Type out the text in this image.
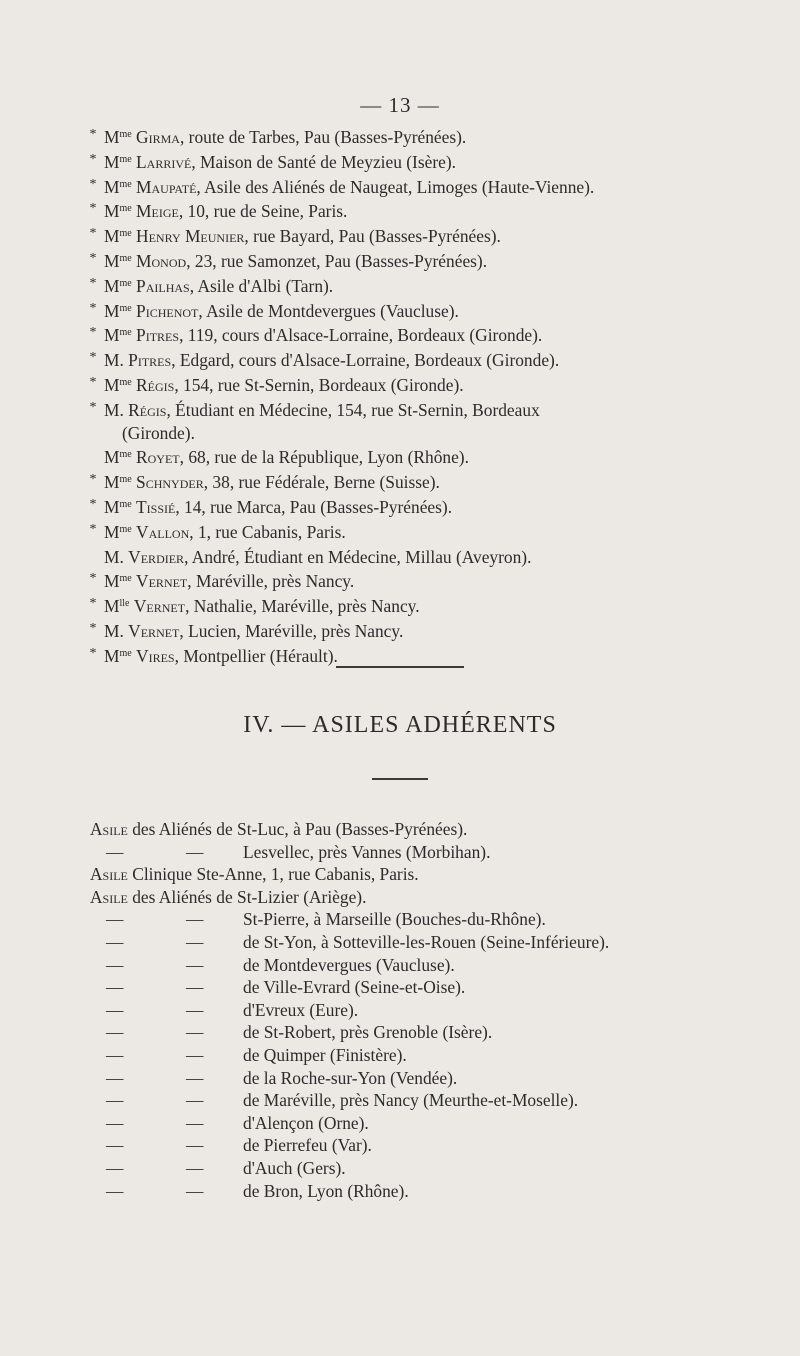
— 13 —
* $M^{me}$ Girma, route de Tarbes, Pau (Basses-Pyrénées).
* $M^{me}$ Larrivé, Maison de Santé de Meyzieu (Isère).
* $M^{me}$ Maupaté, Asile des Aliénés de Naugeat, Limoges (Haute-Vienne).
* $M^{me}$ Meige, 10, rue de Seine, Paris.
* $M^{me}$ Henry Meunier, rue Bayard, Pau (Basses-Pyrénées).
* $M^{me}$ Monod, 23, rue Samonzet, Pau (Basses-Pyrénées).
* $M^{me}$ Pailhas, Asile d'Albi (Tarn).
* $M^{me}$ Pichenot, Asile de Montdevergues (Vaucluse).
* $M^{me}$ Pitres, 119, cours d'Alsace-Lorraine, Bordeaux (Gironde).
* M. Pitres, Edgard, cours d'Alsace-Lorraine, Bordeaux (Gironde).
* $M^{me}$ Régis, 154, rue St-Sernin, Bordeaux (Gironde).
* M. Régis, Étudiant en Médecine, 154, rue St-Sernin, Bordeaux
(Gironde).
$M^{me}$ Royet, 68, rue de la République, Lyon (Rhône).
* $M^{me}$ Schnyder, 38, rue Fédérale, Berne (Suisse).
* $M^{me}$ Tissié, 14, rue Marca, Pau (Basses-Pyrénées).
* $M^{me}$ Vallon, 1, rue Cabanis, Paris.
M. Verdier, André, Étudiant en Médecine, Millau (Aveyron).
* $M^{me}$ Vernet, Maréville, près Nancy.
* $M^{lle}$ Vernet, Nathalie, Maréville, près Nancy.
* M. Vernet, Lucien, Maréville, près Nancy.
* $M^{me}$ Vires, Montpellier (Hérault).
IV. — ASILES ADHÉRENTS
Asile des Aliénés de St-Luc, à Pau (Basses-Pyrénées).
—	— Lesvellec, près Vannes (Morbihan).
Asile Clinique Ste-Anne, 1, rue Cabanis, Paris.
Asile des Aliénés de St-Lizier (Ariège).
—	— St-Pierre, à Marseille (Bouches-du-Rhône).
—	— de St-Yon, à Sotteville-les-Rouen (Seine-Inférieure).
—	— de Montdevergues (Vaucluse).
—	— de Ville-Evrard (Seine-et-Oise).
—	— d'Evreux (Eure).
—	— de St-Robert, près Grenoble (Isère).
—	— de Quimper (Finistère).
—	— de la Roche-sur-Yon (Vendée).
—	— de Maréville, près Nancy (Meurthe-et-Moselle).
—	— d'Alençon (Orne).
—	— de Pierrefeu (Var).
—	— d'Auch (Gers).
—	— de Bron, Lyon (Rhône).
